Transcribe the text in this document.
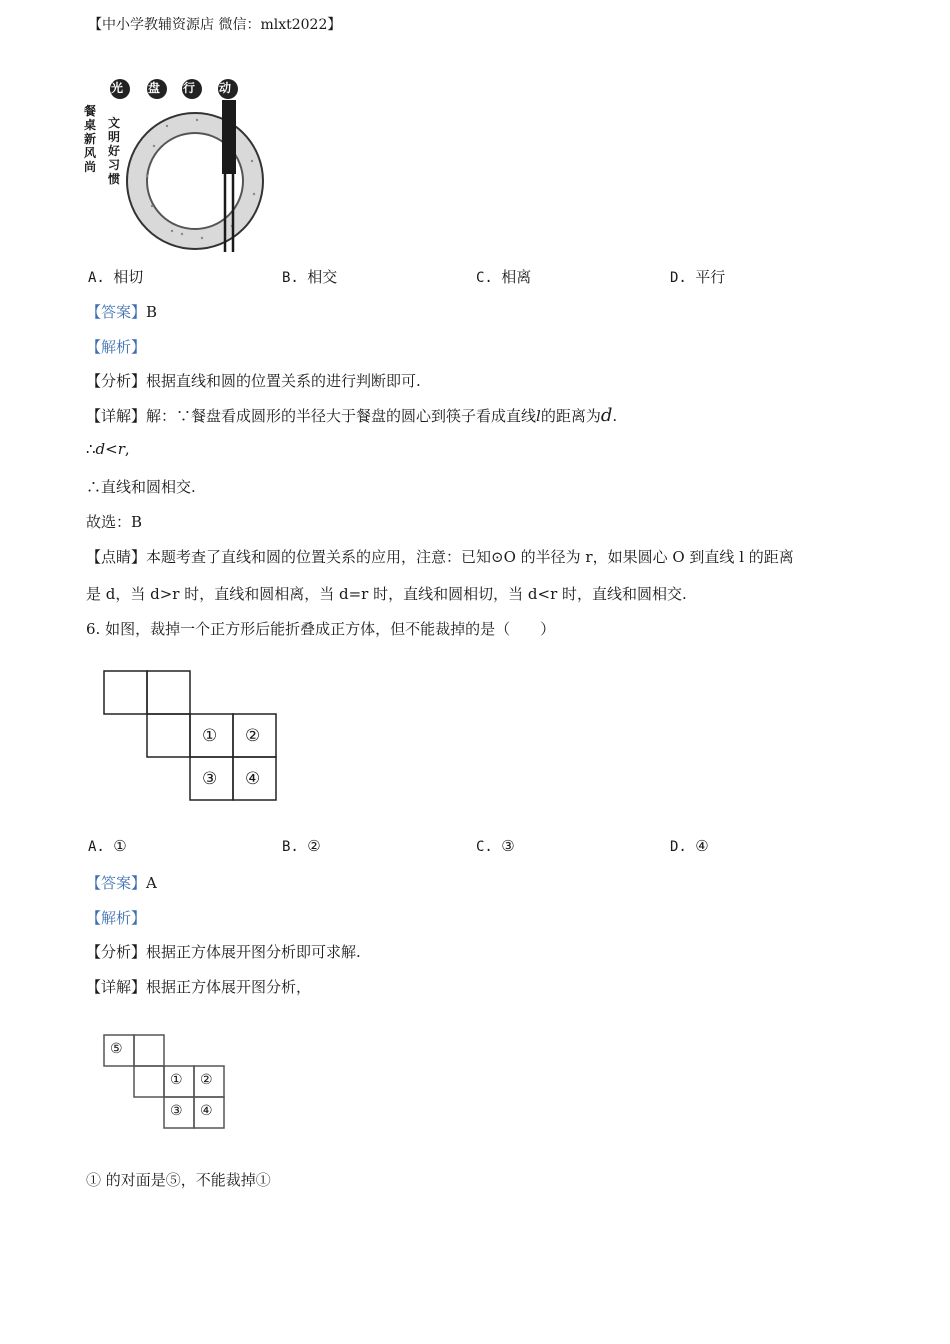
【中小学教辅资源店 微信：mlxt2022】
光 盘 行 动
餐桌新风尚
文明好习惯
A. 相切	B. 相交	C. 相离	D. 平行
【答案】B
【解析】
【分析】根据直线和圆的位置关系的进行判断即可.
【详解】解：∵餐盘看成圆形的半径大于餐盘的圆心到筷子看成直线l的距离为d.
∴d<r,
∴直线和圆相交.
故选：B
【点睛】本题考查了直线和圆的位置关系的应用，注意：已知⊙O 的半径为 r，如果圆心 O 到直线 l 的距离
是 d，当 d>r 时，直线和圆相离，当 d=r 时，直线和圆相切，当 d<r 时，直线和圆相交.
6. 如图，裁掉一个正方形后能折叠成正方体，但不能裁掉的是（　　）
① ②
③ ④
A. ①	B. ②	C. ③	D. ④
【答案】A
【解析】
【分析】根据正方体展开图分析即可求解.
【详解】根据正方体展开图分析，
⑤
① ②
③ ④
① 的对面是⑤，不能裁掉①
